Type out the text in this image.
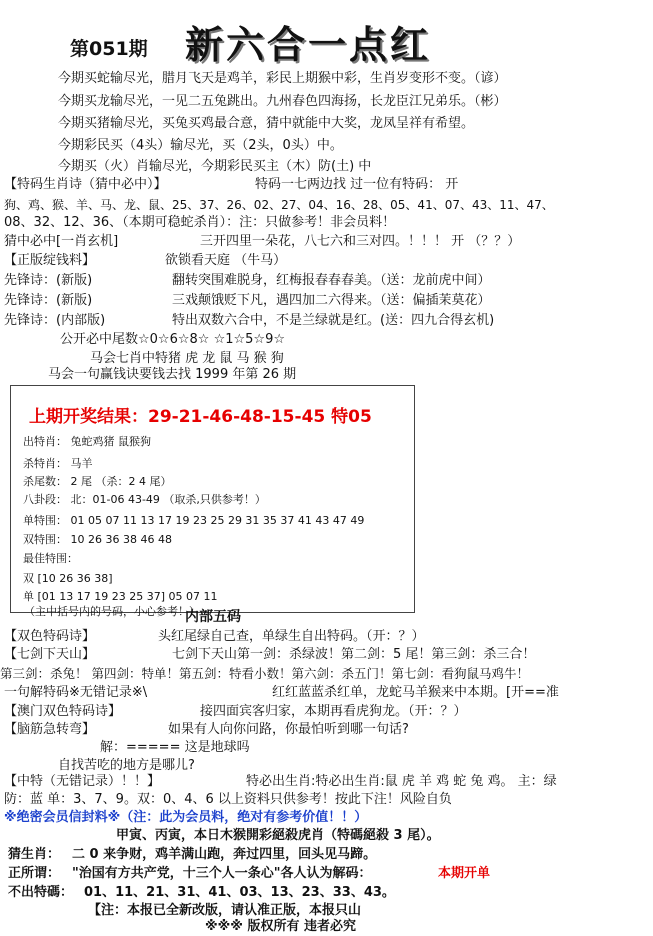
第051期 新六合一点红
今期买蛇输尽光，腊月飞天是鸡羊，彩民上期猴中彩，生肖岁变形不变。（谚）
今期买龙输尽光，一见二五兔跳出。九州春色四海扬，长龙臣江兄弟乐。（彬）
今期买猪输尽光，买兔买鸡最合意，猜中就能中大奖，龙凤呈祥有希望。
今期彩民买（4头）输尽光，买（2头，0头）中。
今期买（火）肖输尽光，今期彩民买主（木）防(土) 中
【特码生肖诗（猜中必中）】	特码一七两边找 过一位有特码： 开
狗、鸡、猴、羊、马、龙、鼠、25、37、26、02、27、04、16、28、05、41、07、43、11、47、
08、32、12、36、（本期可稳蛇杀肖）：注：只做参考！非会员料！
猜中必中[一肖玄机]	三开四里一朵花，八七六和三对四。！！！ 开 （？？）
【正版绽钱料】	欲锁看天庭 （牛马）
先锋诗：(新版)	翻转突围难脱身，红梅报春春春美。（送：龙前虎中间）
先锋诗：(新版)	三戏颠饿贬下凡，遇四加二六得来。（送：偏插茉莫花）
先锋诗：(内部版)	特出双数六合中，不是兰绿就是红。(送：四九合得玄机)
公开必中尾数☆0☆6☆8☆ ☆1☆5☆9☆
马会七肖中特猪 虎 龙 鼠 马 猴 狗
马会一句赢钱诀要钱去找 1999 年第 26 期
上期开奖结果：29-21-46-48-15-45 特05
出特肖： 兔蛇鸡猪 鼠猴狗
杀特肖： 马羊
杀尾数： 2 尾 （杀：2 4 尾）
八卦段： 北：01-06 43-49 （取杀,只供参考！）
单特围： 01 05 07 11 13 17 19 23 25 29 31 35 37 41 43 47 49
双特围： 10 26 36 38 46 48
最佳特围：
双 [10 26 36 38]
单 [01 13 17 19 23 25 37] 05 07 11
（主中括号内的号码，小心参考！）
内部五码
【双色特码诗】	头红尾绿自己查，单绿生自出特码。（开：？）
【七剑下天山】	七剑下天山第一剑：杀绿波！第二剑：5 尾！第三剑：杀三合！
第三剑：杀兔！ 第四剑：特单！第五剑：特看小数！第六剑：杀五门！第七剑：看狗鼠马鸡牛！
一句解特码※无错记录※\	红红蓝蓝杀红单，龙蛇马羊猴来中本期。[开==准
【澳门双色特码诗】	接四面宾客归家，本期再看虎狗龙。（开：？）
【脑筋急转弯】	如果有人向你问路，你最怕听到哪一句话?
解：===== 这是地球吗
自找苦吃的地方是哪儿?
【中特（无错记录）！！】	特必出生肖:特必出生肖:鼠 虎 羊 鸡 蛇 兔 鸡。 主：绿
防：蓝 单：3、7、9。双：0、4、6 以上资料只供参考！按此下注！风险自负
※绝密会员信封料※（注：此为会员料，绝对有参考价值！！）
甲寅、丙寅，本日木猴開彩絕殺虎肖（特碼絕殺 3 尾）。
猜生肖： 二 0 来争财，鸡羊满山跑，奔过四里，回头见马蹄。
正所谓： "治国有方共产党，十三个人一条心"各人认为解码：	本期开单
不出特碼： 01、11、21、31、41、03、13、23、33、43。
【注：本报已全新改版，请认准正版，本报只山
※※※ 版权所有 违者必究
